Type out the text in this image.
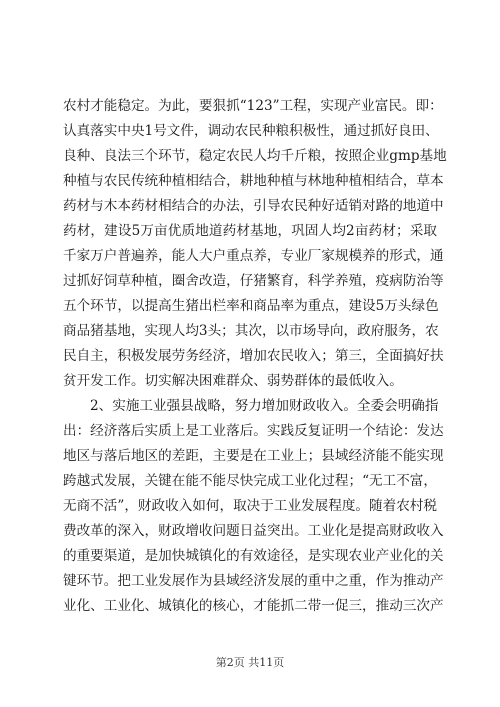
农村才能稳定。为此，要狠抓“123”工程，实现产业富民。即：
认真落实中央1号文件，调动农民种粮积极性，通过抓好良田、
良种、良法三个环节，稳定农民人均千斤粮，按照企业gmp基地
种植与农民传统种植相结合，耕地种植与林地种植相结合，草本
药材与木本药材相结合的办法，引导农民种好适销对路的地道中
药材，建设5万亩优质地道药材基地，巩固人均2亩药材；采取
千家万户普遍养，能人大户重点养，专业厂家规模养的形式，通
过抓好饲草种植，圈舍改造，仔猪繁育，科学养殖，疫病防治等
五个环节，以提高生猪出栏率和商品率为重点，建设5万头绿色
商品猪基地，实现人均3头；其次，以市场导向，政府服务，农
民自主，积极发展劳务经济，增加农民收入；第三，全面搞好扶
贫开发工作。切实解决困难群众、弱势群体的最低收入。
2、实施工业强县战略，努力增加财政收入。全委会明确指
出：经济落后实质上是工业落后。实践反复证明一个结论：发达
地区与落后地区的差距，主要是在工业上；县域经济能不能实现
跨越式发展，关键在能不能尽快完成工业化过程；“无工不富，
无商不活”，财政收入如何，取决于工业发展程度。随着农村税
费改革的深入，财政增收问题日益突出。工业化是提高财政收入
的重要渠道，是加快城镇化的有效途径，是实现农业产业化的关
键环节。把工业发展作为县域经济发展的重中之重，作为推动产
业化、工业化、城镇化的核心，才能抓二带一促三，推动三次产
第2页 共11页
